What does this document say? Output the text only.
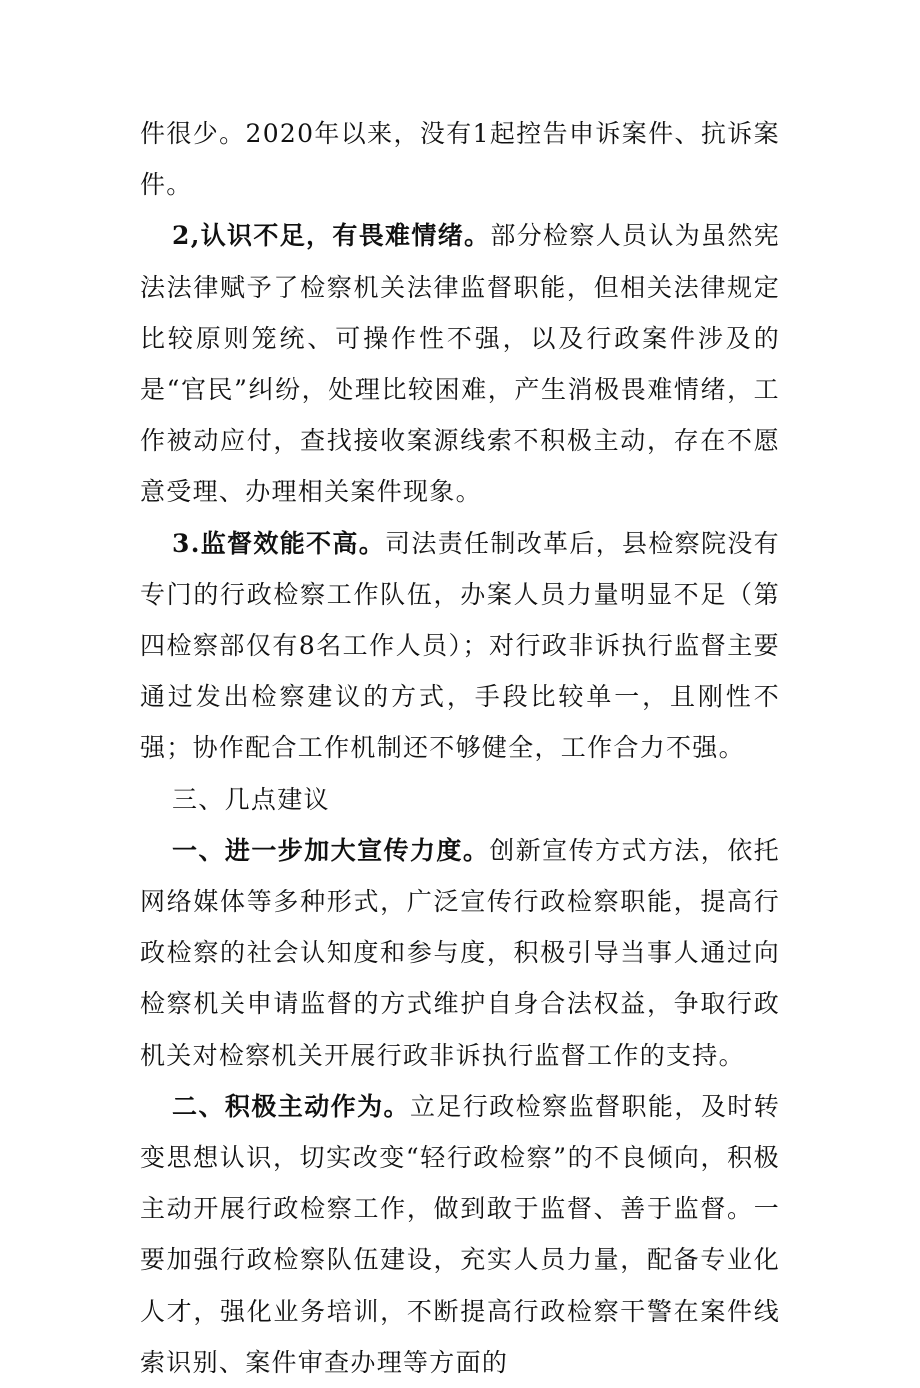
件很少。2020年以来，没有1起控告申诉案件、抗诉案件。

2,认识不足，有畏难情绪。部分检察人员认为虽然宪法法律赋予了检察机关法律监督职能，但相关法律规定比较原则笼统、可操作性不强，以及行政案件涉及的是“官民”纠纷，处理比较困难，产生消极畏难情绪，工作被动应付，查找接收案源线索不积极主动，存在不愿意受理、办理相关案件现象。

3.监督效能不高。司法责任制改革后，县检察院没有专门的行政检察工作队伍，办案人员力量明显不足（第四检察部仅有8名工作人员）；对行政非诉执行监督主要通过发出检察建议的方式，手段比较单一，且刚性不强；协作配合工作机制还不够健全，工作合力不强。

三、几点建议

一、进一步加大宣传力度。创新宣传方式方法，依托网络媒体等多种形式，广泛宣传行政检察职能，提高行政检察的社会认知度和参与度，积极引导当事人通过向检察机关申请监督的方式维护自身合法权益，争取行政机关对检察机关开展行政非诉执行监督工作的支持。

二、积极主动作为。立足行政检察监督职能，及时转变思想认识，切实改变“轻行政检察”的不良倾向，积极主动开展行政检察工作，做到敢于监督、善于监督。一要加强行政检察队伍建设，充实人员力量，配备专业化人才，强化业务培训，不断提高行政检察干警在案件线索识别、案件审查办理等方面的
